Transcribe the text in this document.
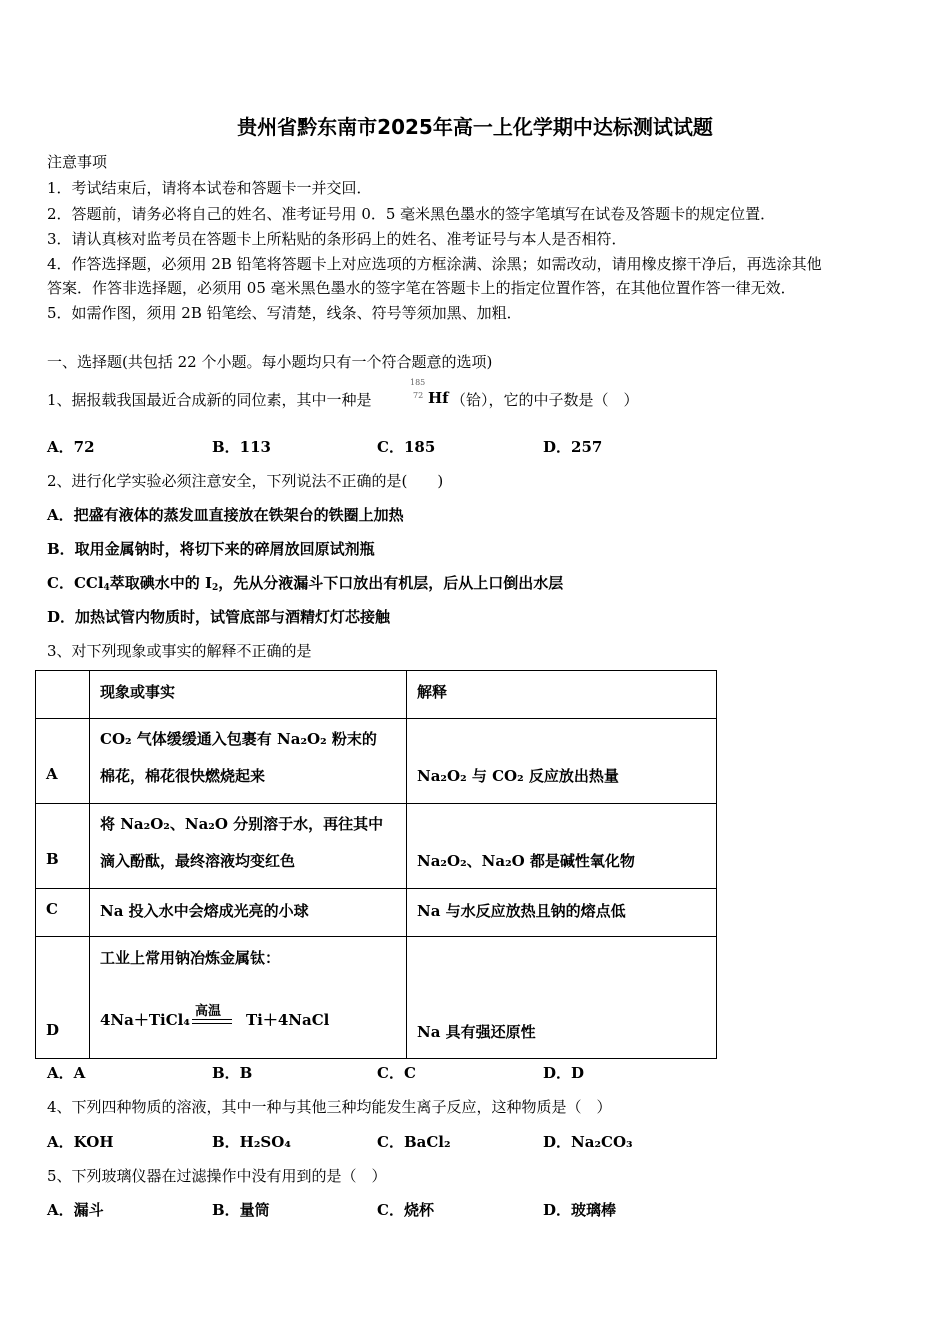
贵州省黔东南市2025年高一上化学期中达标测试试题
注意事项
1．考试结束后，请将本试卷和答题卡一并交回．
2．答题前，请务必将自己的姓名、准考证号用 0．5 毫米黑色墨水的签字笔填写在试卷及答题卡的规定位置．
3．请认真核对监考员在答题卡上所粘贴的条形码上的姓名、准考证号与本人是否相符．
4．作答选择题，必须用 2B 铅笔将答题卡上对应选项的方框涂满、涂黑；如需改动，请用橡皮擦干净后，再选涂其他
答案．作答非选择题，必须用 05 毫米黑色墨水的签字笔在答题卡上的指定位置作答，在其他位置作答一律无效．
5．如需作图，须用 2B 铅笔绘、写清楚，线条、符号等须加黑、加粗．
一、选择题(共包括 22 个小题。每小题均只有一个符合题意的选项)
1、据报载我国最近合成新的同位素，其中一种是
185
72 Hf （铪），它的中子数是（　）
A．72	B．113	C．185	D．257
2、进行化学实验必须注意安全，下列说法不正确的是(　　)
A．把盛有液体的蒸发皿直接放在铁架台的铁圈上加热
B．取用金属钠时，将切下来的碎屑放回原试剂瓶
C．CCl$_4$萃取碘水中的 $I_2$，先从分液漏斗下口放出有机层，后从上口倒出水层
D．加热试管内物质时，试管底部与酒精灯灯芯接触
3、对下列现象或事实的解释不正确的是

	现象或事实	解释

A	CO₂ 气体缓缓通入包裹有 Na₂O₂ 粉末的
棉花，棉花很快燃烧起来	Na₂O₂ 与 CO₂ 反应放出热量

B	将 Na₂O₂、Na₂O 分别溶于水，再往其中
滴入酚酞，最终溶液均变红色	Na₂O₂、Na₂O 都是碱性氧化物

C	Na 投入水中会熔成光亮的小球	Na 与水反应放热且钠的熔点低

D	工业上常用钠冶炼金属钛：
4Na＋TiCl₄ 高温 Ti＋4NaCl	Na 具有强还原性
A．A	B．B	C．C	D．D
4、下列四种物质的溶液，其中一种与其他三种均能发生离子反应，这种物质是（　）
A．KOH	B．H₂SO₄	C．BaCl₂	D．Na₂CO₃
5、下列玻璃仪器在过滤操作中没有用到的是（　）
A．漏斗	B．量筒	C．烧杯	D．玻璃棒
